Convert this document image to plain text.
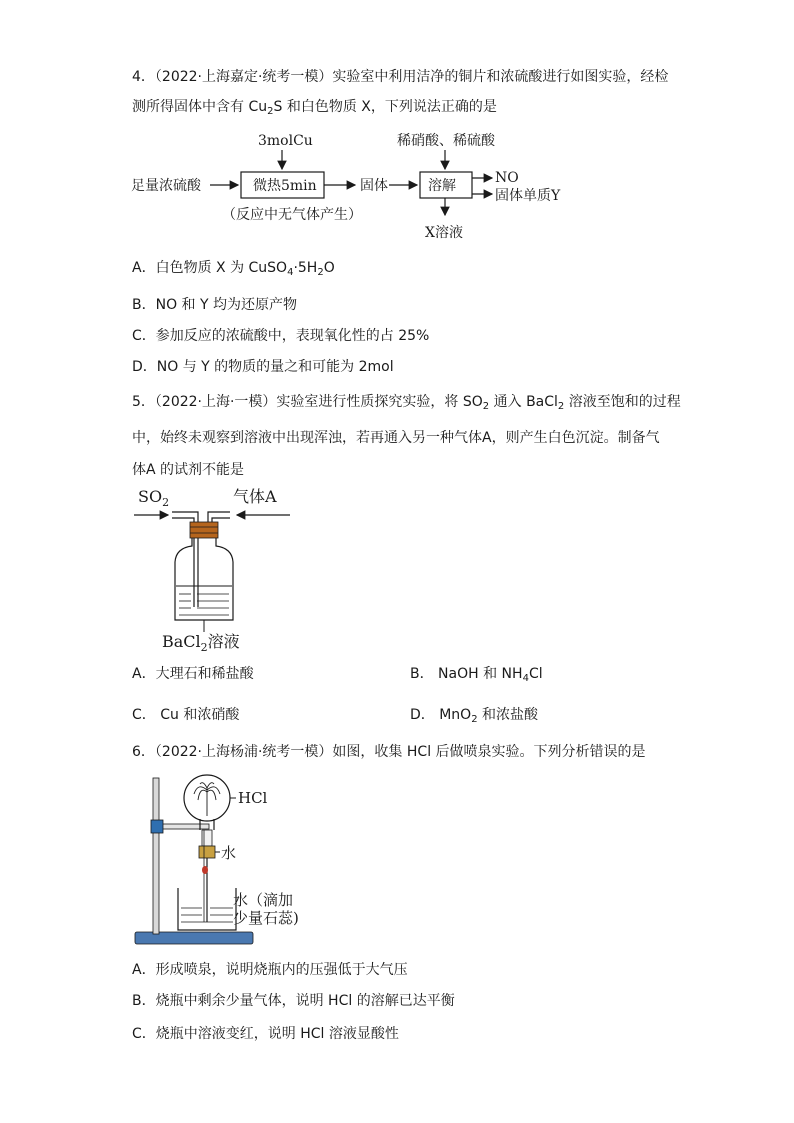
4．（2022·上海嘉定·统考一模）实验室中利用洁净的铜片和浓硫酸进行如图实验，经检
测所得固体中含有 $Cu_2S$ 和白色物质 X，下列说法正确的是
3molCu
足量浓硫酸	微热5min
（反应中无气体产生）
固体
稀硝酸、稀硫酸
溶解	NO
固体单质Y
X溶液
A．白色物质 X 为 $CuSO_4\cdot 5H_2O$
B．NO 和 Y 均为还原产物
C．参加反应的浓硫酸中，表现氧化性的占 25%
D．NO 与 Y 的物质的量之和可能为 2mol
5．（2022·上海·一模）实验室进行性质探究实验，将 $SO_2$ 通入 BaCl$_2$ 溶液至饱和的过程
中，始终未观察到溶液中出现浑浊，若再通入另一种气体A，则产生白色沉淀。制备气
体A 的试剂不能是
$SO_2$	气体A
BaCl$_2$溶液
A．大理石和稀盐酸	B． NaOH 和 $NH_4Cl$
C． Cu 和浓硝酸	D． MnO$_2$ 和浓盐酸
6．（2022·上海杨浦·统考一模）如图，收集 HCl 后做喷泉实验。下列分析错误的是
HCl
水
水（滴加
少量石蕊)
A．形成喷泉，说明烧瓶内的压强低于大气压
B．烧瓶中剩余少量气体，说明 HCl 的溶解已达平衡
C．烧瓶中溶液变红，说明 HCl 溶液显酸性
